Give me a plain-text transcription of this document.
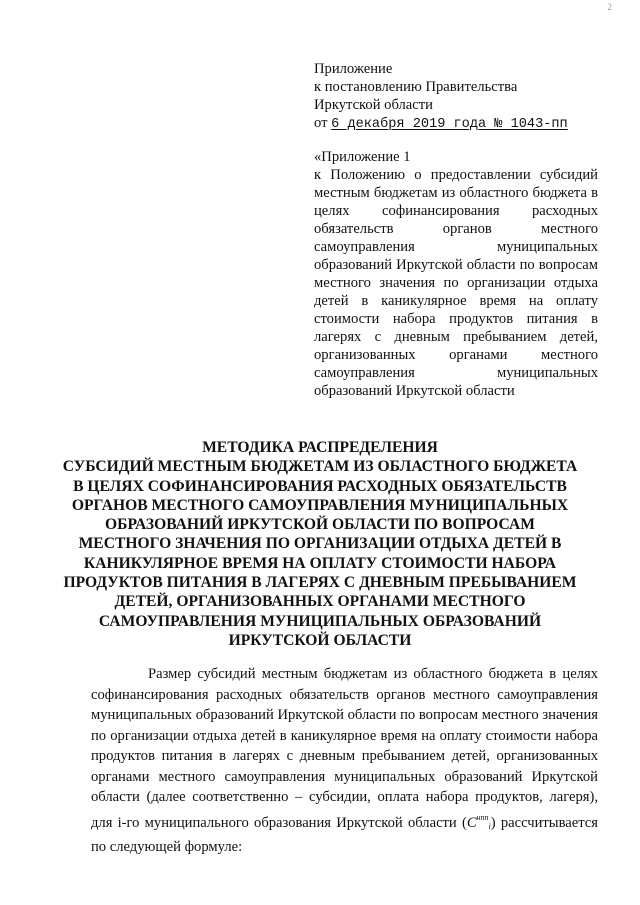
2
Приложение
к постановлению Правительства
Иркутской области
от 6 декабря 2019 года № 1043-пп
«Приложение 1
к Положению о предоставлении субсидий местным бюджетам из областного бюджета в целях софинансирования расходных обязательств органов местного самоуправления муниципальных образований Иркутской области по вопросам местного значения по организации отдыха детей в каникулярное время на оплату стоимости набора продуктов питания в лагерях с дневным пребыванием детей, организованных органами местного самоуправления муниципальных образований Иркутской области
МЕТОДИКА РАСПРЕДЕЛЕНИЯ
СУБСИДИЙ МЕСТНЫМ БЮДЖЕТАМ ИЗ ОБЛАСТНОГО БЮДЖЕТА
В ЦЕЛЯХ СОФИНАНСИРОВАНИЯ РАСХОДНЫХ ОБЯЗАТЕЛЬСТВ
ОРГАНОВ МЕСТНОГО САМОУПРАВЛЕНИЯ МУНИЦИПАЛЬНЫХ
ОБРАЗОВАНИЙ ИРКУТСКОЙ ОБЛАСТИ ПО ВОПРОСАМ
МЕСТНОГО ЗНАЧЕНИЯ ПО ОРГАНИЗАЦИИ ОТДЫХА ДЕТЕЙ В
КАНИКУЛЯРНОЕ ВРЕМЯ НА ОПЛАТУ СТОИМОСТИ НАБОРА
ПРОДУКТОВ ПИТАНИЯ В ЛАГЕРЯХ С ДНЕВНЫМ ПРЕБЫВАНИЕМ
ДЕТЕЙ, ОРГАНИЗОВАННЫХ ОРГАНАМИ МЕСТНОГО
САМОУПРАВЛЕНИЯ МУНИЦИПАЛЬНЫХ ОБРАЗОВАНИЙ
ИРКУТСКОЙ ОБЛАСТИ

Размер субсидий местным бюджетам из областного бюджета в целях софинансирования расходных обязательств органов местного самоуправления муниципальных образований Иркутской области по вопросам местного значения по организации отдыха детей в каникулярное время на оплату стоимости набора продуктов питания в лагерях с дневным пребыванием детей, организованных органами местного самоуправления муниципальных образований Иркутской области (далее соответственно – субсидии, оплата набора продуктов, лагеря), для i-го муниципального образования Иркутской области $(C^{нпп}_i)$ рассчитывается по следующей формуле:
